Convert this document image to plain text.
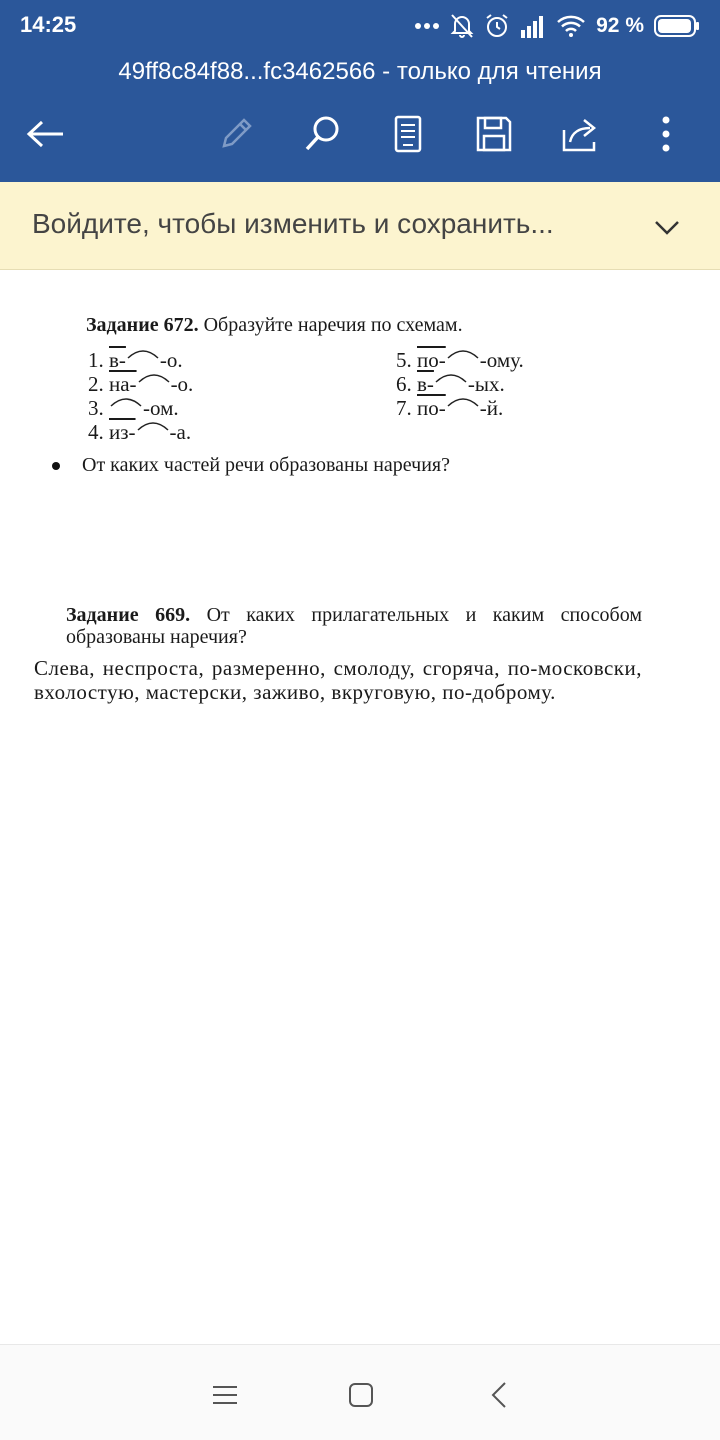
14:25	92 %
49ff8c84f88...fc3462566 - только для чтения
Войдите, чтобы изменить и сохранить...
Задание 672. Образуйте наречия по схемам.
1. в- -о.
2. на- -о.
3. -ом.
4. из- -а.
5. по- -ому.
6. в- -ых.
7. по- -й.
От каких частей речи образованы наречия?
Задание 669. От каких прилагательных и каким способом образованы наречия?
Слева, неспроста, размеренно, смолоду, сгоряча, по-московски, вхолостую, мастерски, заживо, вкруговую, по-доброму.
